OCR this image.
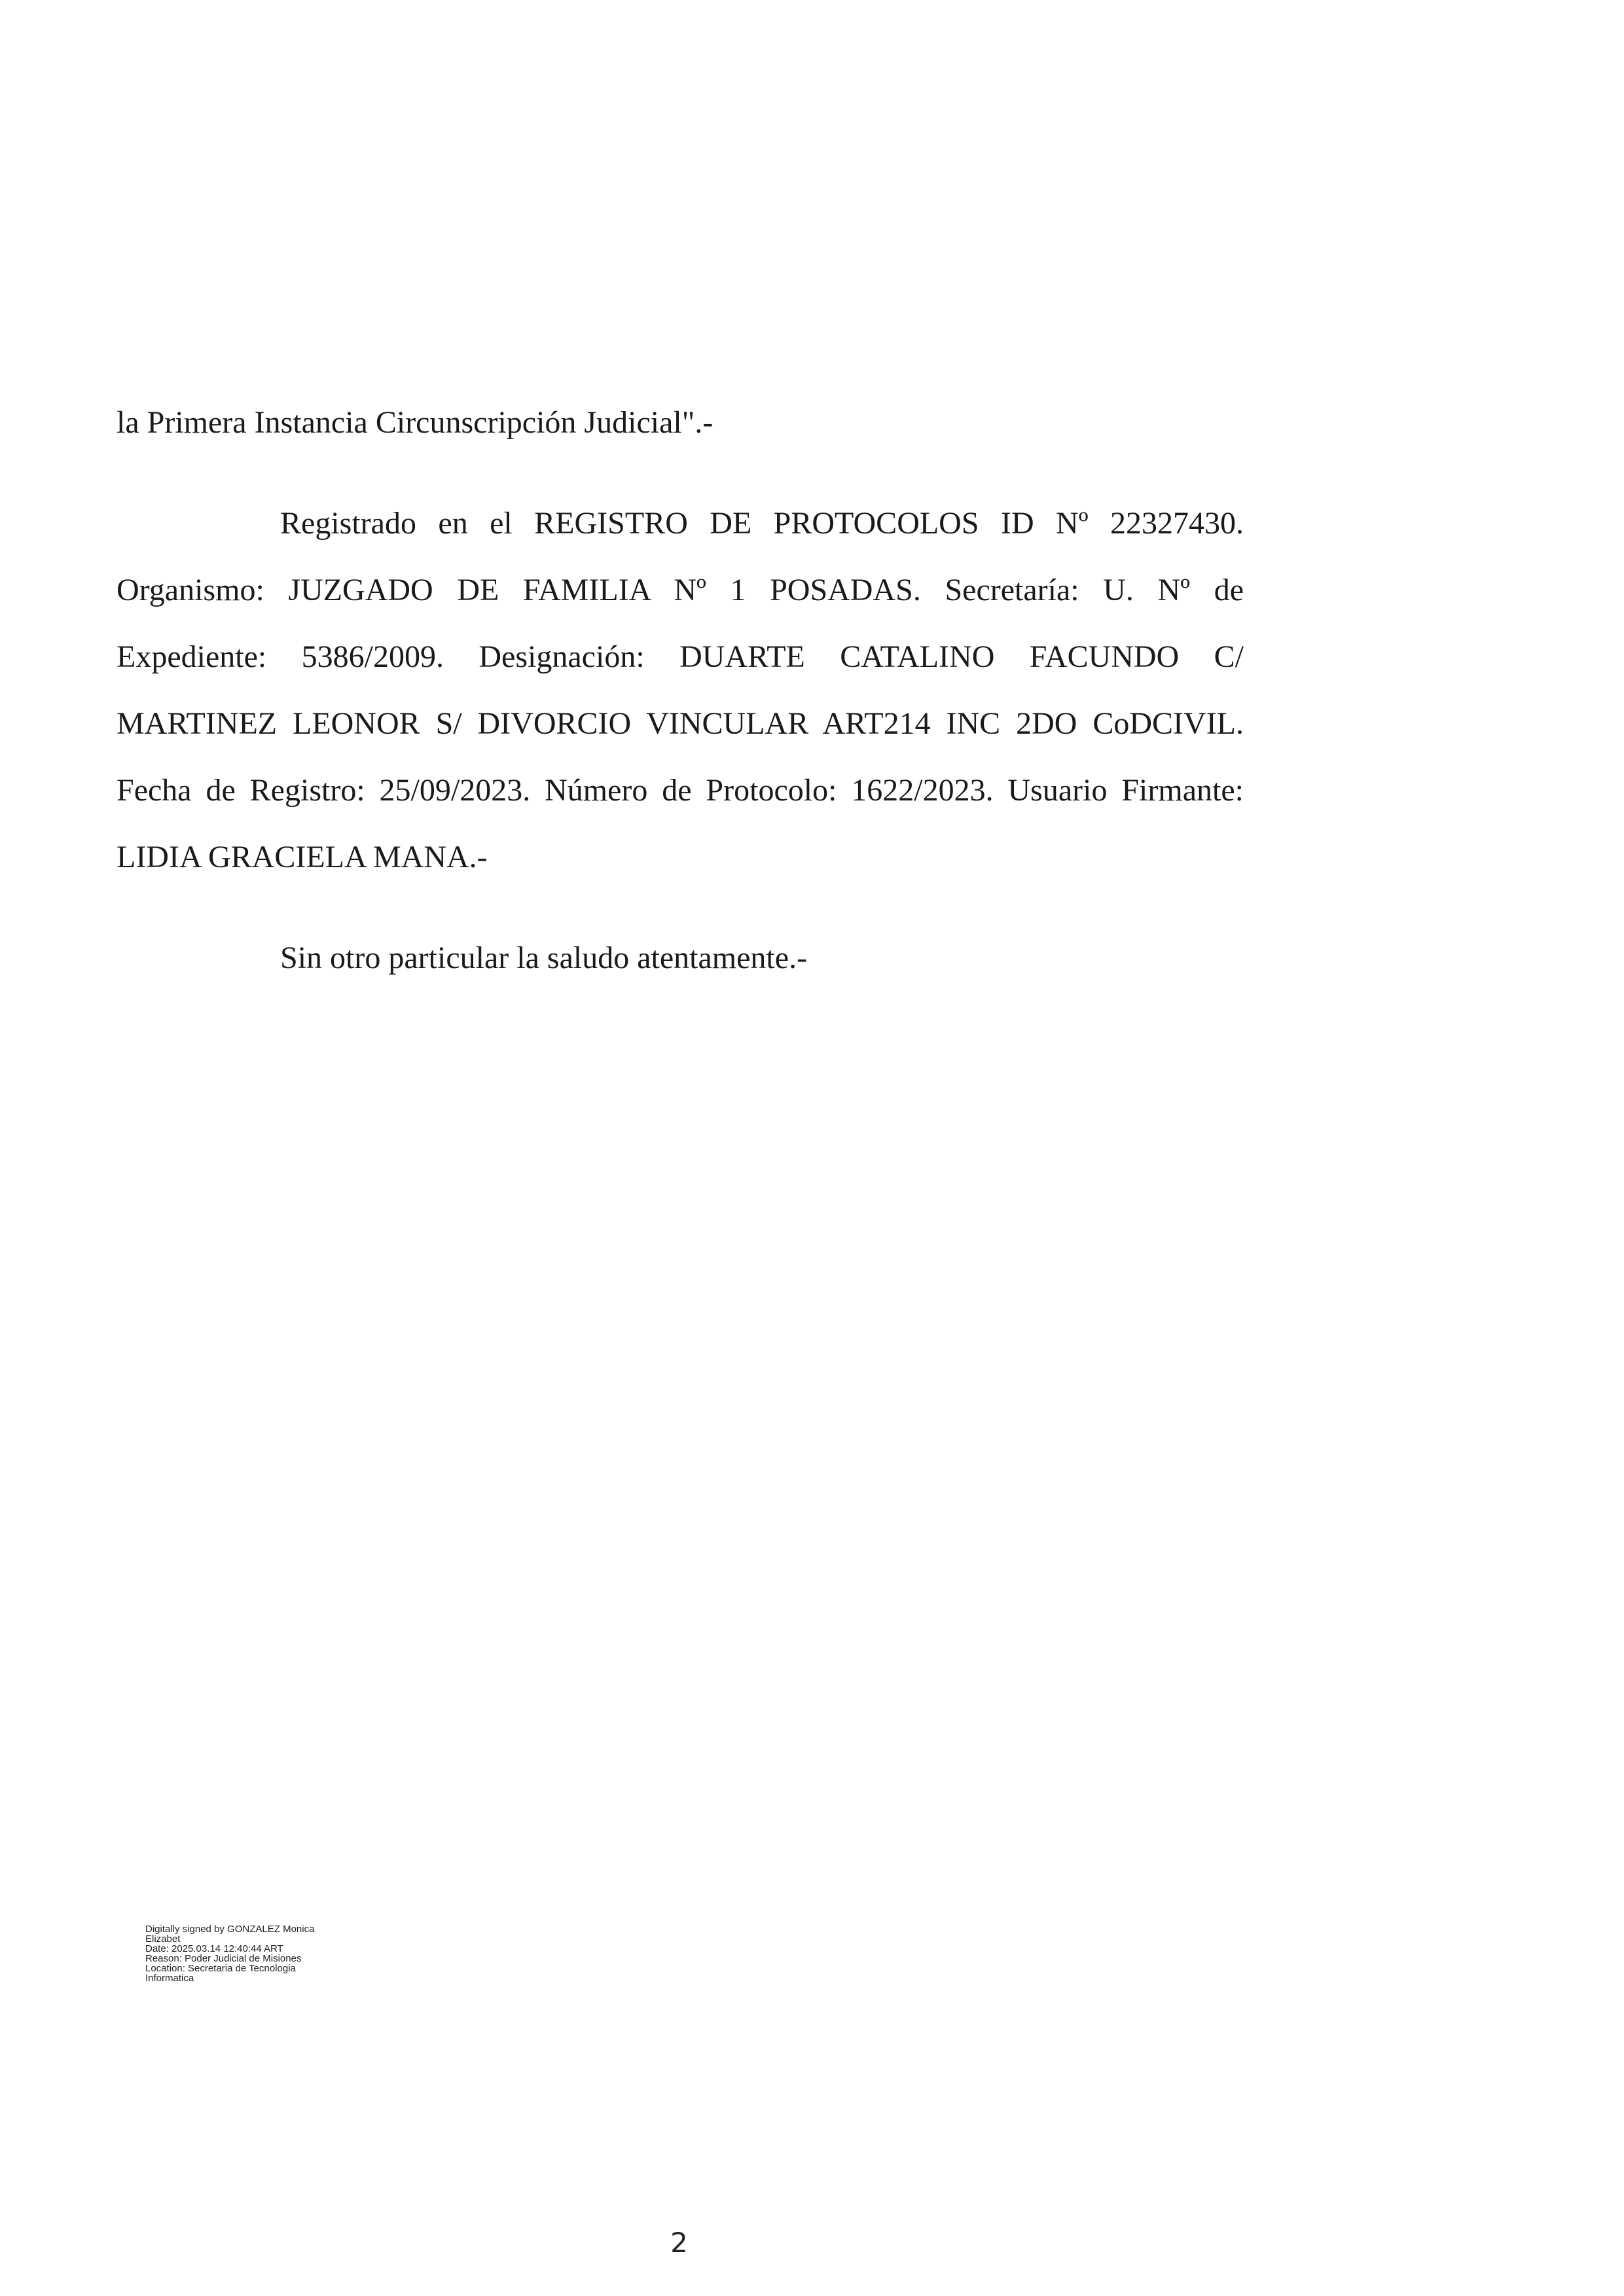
la Primera Instancia Circunscripción Judicial".-
Registrado en el REGISTRO DE PROTOCOLOS ID Nº 22327430.
Organismo: JUZGADO DE FAMILIA Nº 1 POSADAS. Secretaría: U. Nº de
Expediente: 5386/2009. Designación: DUARTE CATALINO FACUNDO C/
MARTINEZ LEONOR S/ DIVORCIO VINCULAR ART214 INC 2DO CoDCIVIL.
Fecha de Registro: 25/09/2023. Número de Protocolo: 1622/2023. Usuario Firmante:
LIDIA GRACIELA MANA.-
Sin otro particular la saludo atentamente.-
Digitally signed by GONZALEZ Monica
Elizabet
Date: 2025.03.14 12:40:44 ART
Reason: Poder Judicial de Misiones
Location: Secretaria de Tecnologia
Informatica
2
